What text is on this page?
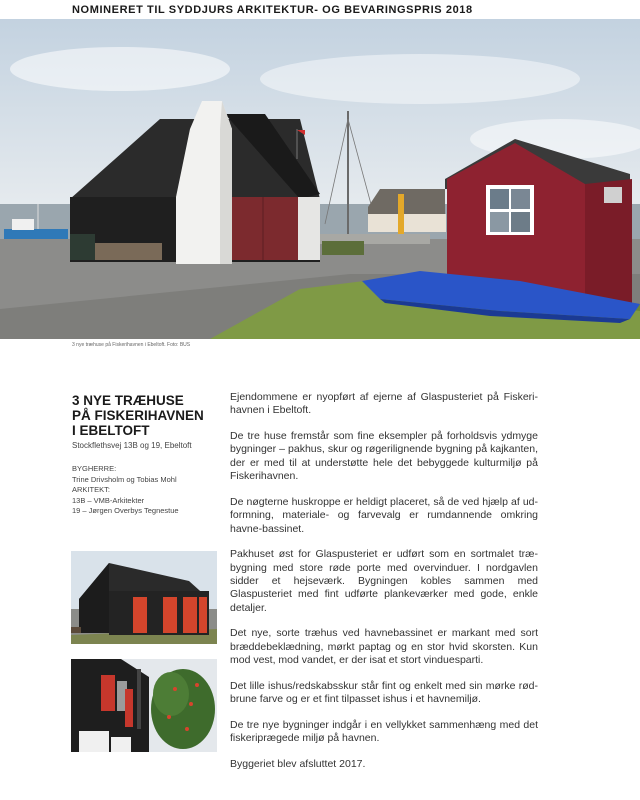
NOMINERET TIL SYDDJURS ARKITEKTUR- OG BEVARINGSPRIS 2018
3 nye træhuse på Fiskerihavnen i Ebeltoft. Foto: BUS
3 NYE TRÆHUSE
PÅ FISKERIHAVNEN
I EBELTOFT
Stockflethsvej 13B og 19, Ebeltoft
BYGHERRE:
Trine Drivsholm og Tobias Mohl
ARKITEKT:
13B – VMB-Arkitekter
19 – Jørgen Overbys Tegnestue

Ejendommene er nyopført af ejerne af Glaspusteriet på Fiskeri-havnen i Ebeltoft.

De tre huse fremstår som fine eksempler på forholdsvis ydmyge bygninger – pakhus, skur og røgerilignende bygning på kajkanten, der er med til at understøtte hele det bebyggede kulturmiljø på Fiskerihavnen.

De nøgterne huskroppe er heldigt placeret, så de ved hjælp af ud-formning, materiale- og farvevalg er rumdannende omkring havne-bassinet.

Pakhuset øst for Glaspusteriet er udført som en sortmalet træ-bygning med store røde porte med overvinduer. I nordgavlen sidder et hejseværk. Bygningen kobles sammen med Glaspusteriet med fint udførte plankeværker med gode, enkle detaljer.

Det nye, sorte træhus ved havnebassinet er markant med sort bræddebeklædning, mørkt paptag og en stor hvid skorsten. Kun mod vest, mod vandet, er der isat et stort vinduesparti.

Det lille ishus/redskabsskur står fint og enkelt med sin mørke rød-brune farve og er et fint tilpasset ishus i et havnemiljø.

De tre nye bygninger indgår i en vellykket sammenhæng med det fiskeriprægede miljø på havnen.

Byggeriet blev afsluttet 2017.
